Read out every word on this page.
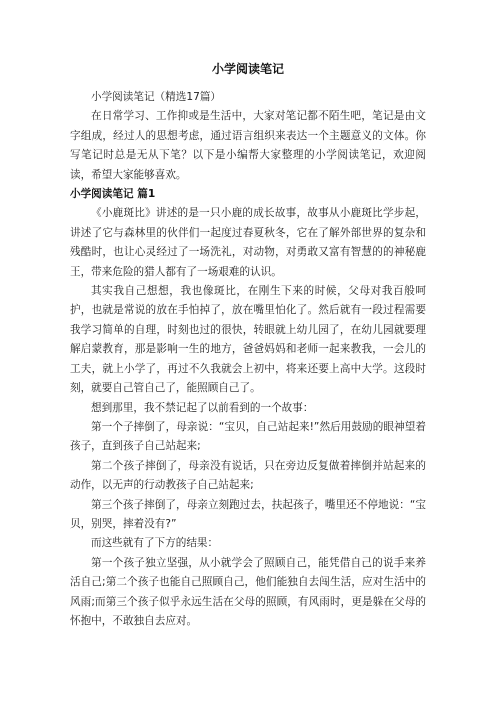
小学阅读笔记

小学阅读笔记（精选17篇）

在日常学习、工作抑或是生活中，大家对笔记都不陌生吧，笔记是由文字组成，经过人的思想考虑，通过语言组织来表达一个主题意义的文体。你写笔记时总是无从下笔？以下是小编帮大家整理的小学阅读笔记，欢迎阅读，希望大家能够喜欢。

小学阅读笔记 篇1

《小鹿斑比》讲述的是一只小鹿的成长故事，故事从小鹿斑比学步起，讲述了它与森林里的伙伴们一起度过春夏秋冬，它在了解外部世界的复杂和残酷时，也让心灵经过了一场洗礼，对动物，对勇敢又富有智慧的的神秘鹿王，带来危险的猎人都有了一场艰难的认识。

其实我自己想想，我也像斑比，在刚生下来的时候，父母对我百般呵护，也就是常说的放在手怕掉了，放在嘴里怕化了。然后就有一段过程需要我学习简单的自理，时刻也过的很快，转眼就上幼儿园了，在幼儿园就要理解启蒙教育，那是影响一生的地方，爸爸妈妈和老师一起来教我，一会儿的工夫，就上小学了，再过不久我就会上初中，将来还要上高中大学。这段时刻，就要自己管自己了，能照顾自己了。

想到那里，我不禁记起了以前看到的一个故事：

第一个子摔倒了，母亲说：“宝贝，自己站起来!”然后用鼓励的眼神望着孩子，直到孩子自己站起来;

第二个孩子摔倒了，母亲没有说话，只在旁边反复做着摔倒并站起来的动作，以无声的行动教孩子自己站起来;

第三个孩子摔倒了，母亲立刻跑过去，扶起孩子，嘴里还不停地说：“宝贝，别哭，摔着没有?”

而这些就有了下方的结果：

第一个孩子独立坚强，从小就学会了照顾自己，能凭借自己的说手来养活自己;第二个孩子也能自己照顾自己，他们能独自去闯生活，应对生活中的风雨;而第三个孩子似乎永远生活在父母的照顾，有风雨时，更是躲在父母的怀抱中，不敢独自去应对。
